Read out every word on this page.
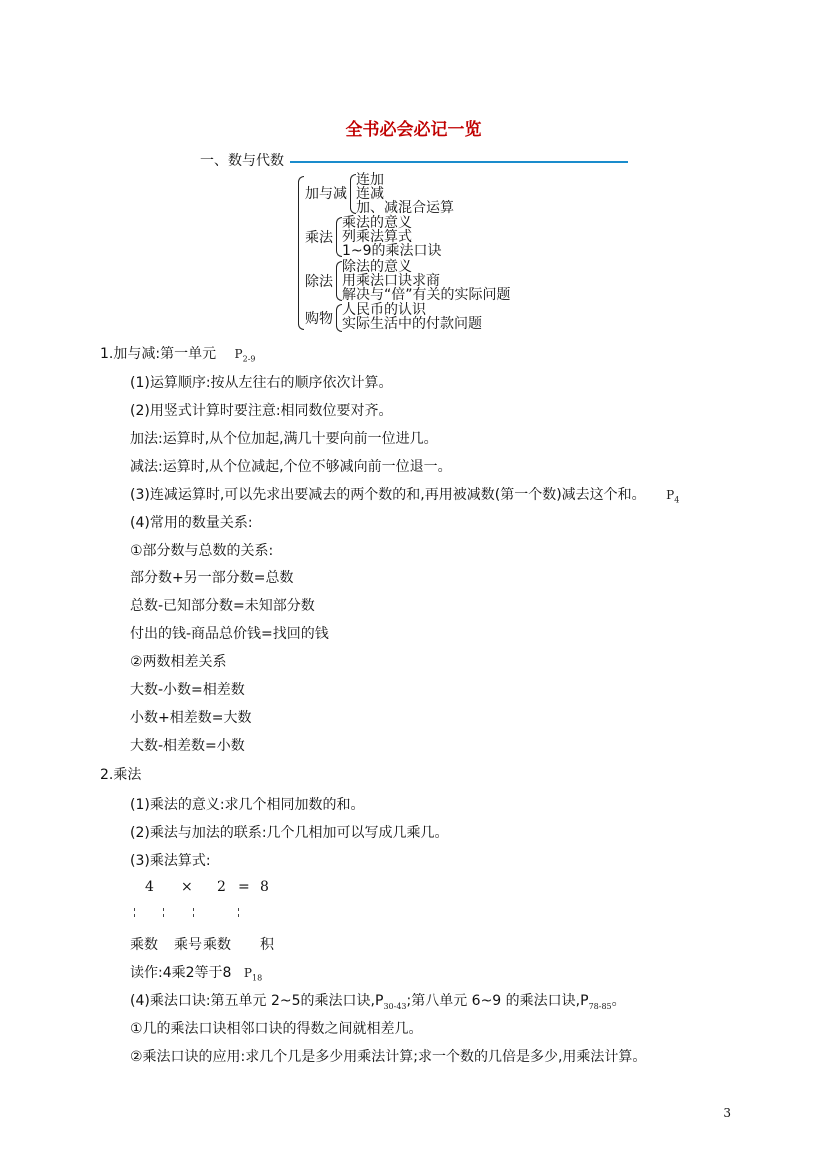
全书必会必记一览
一、数与代数
加与减
连加
连减
加、减混合运算
乘法
乘法的意义
列乘法算式
1~9的乘法口诀
除法
除法的意义
用乘法口诀求商
解决与“倍”有关的实际问题
购物
人民币的认识
实际生活中的付款问题
1.加与减:第一单元 $P_{2-9}$
(1)运算顺序:按从左往右的顺序依次计算。
(2)用竖式计算时要注意:相同数位要对齐。
加法:运算时,从个位加起,满几十要向前一位进几。
减法:运算时,从个位减起,个位不够减向前一位退一。
(3)连减运算时,可以先求出要减去的两个数的和,再用被减数(第一个数)减去这个和。 $P_4$
(4)常用的数量关系:
①部分数与总数的关系:
部分数+另一部分数=总数
总数-已知部分数=未知部分数
付出的钱-商品总价钱=找回的钱
②两数相差关系
大数-小数=相差数
小数+相差数=大数
大数-相差数=小数
2.乘法
(1)乘法的意义:求几个相同加数的和。
(2)乘法与加法的联系:几个几相加可以写成几乘几。
(3)乘法算式:
4 × 2 = 8
乘数 乘号 乘数 积
读作:4乘2等于8 $P_{18}$
(4)乘法口诀:第五单元 2~5的乘法口诀$,P_{30-43}$;第八单元 6~9 的乘法口诀$,P_{78-85}$。
①几的乘法口诀相邻口诀的得数之间就相差几。
②乘法口诀的应用:求几个几是多少用乘法计算;求一个数的几倍是多少,用乘法计算。
3
